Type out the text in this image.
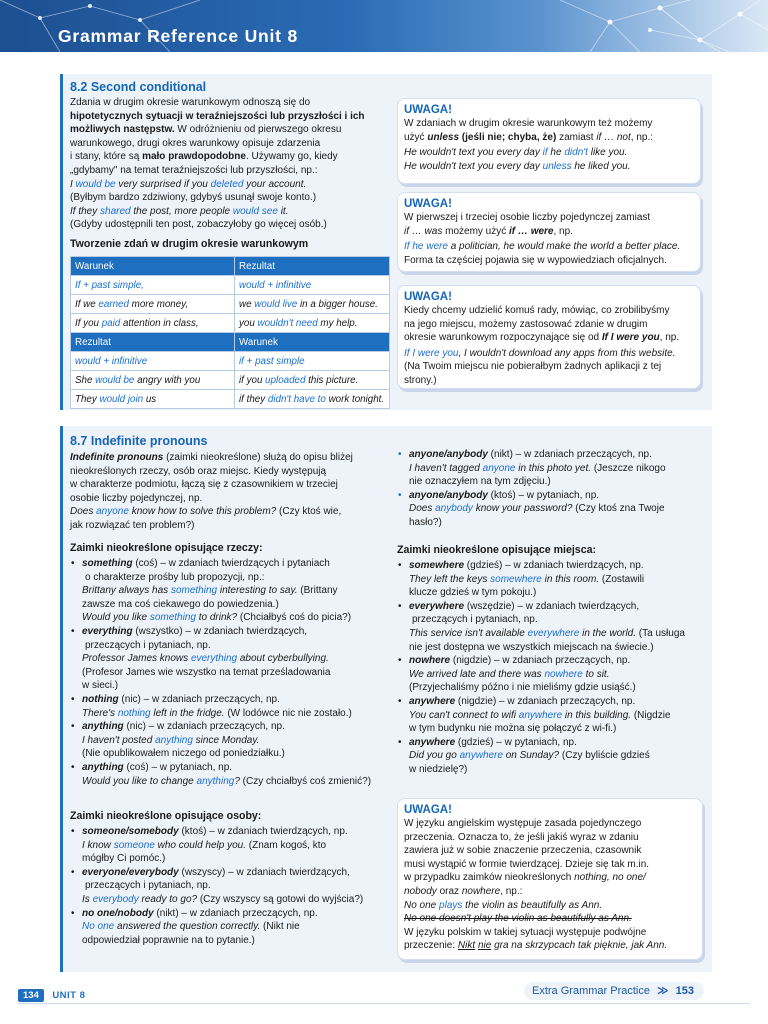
Grammar Reference Unit 8
8.2 Second conditional
Zdania w drugim okresie warunkowym odnoszą się do
hipotetycznych sytuacji w teraźniejszości lub przyszłości i ich
możliwych następstw. W odróżnieniu od pierwszego okresu
warunkowego, drugi okres warunkowy opisuje zdarzenia
i stany, które są mało prawdopodobne. Używamy go, kiedy
„gdybamy" na temat teraźniejszości lub przyszłości, np.:
I would be very surprised if you deleted your account.
(Byłbym bardzo zdziwiony, gdybyś usunął swoje konto.)
If they shared the post, more people would see it.
(Gdyby udostępnili ten post, zobaczyłoby go więcej osób.)
Tworzenie zdań w drugim okresie warunkowym
Warunek	Rezultat
If + past simple,	would + infinitive
If we earned more money,	we would live in a bigger house.
If you paid attention in class,	you wouldn't need my help.
Rezultat	Warunek
would + infinitive	if + past simple
She would be angry with you	if you uploaded this picture.
They would join us	if they didn't have to work tonight.
UWAGA!
W zdaniach w drugim okresie warunkowym też możemy
użyć unless (jeśli nie; chyba, że) zamiast if … not, np.:
He wouldn't text you every day if he didn't like you.
He wouldn't text you every day unless he liked you.
UWAGA!
W pierwszej i trzeciej osobie liczby pojedynczej zamiast
if … was możemy użyć if … were, np.
If he were a politician, he would make the world a better place.
Forma ta częściej pojawia się w wypowiedziach oficjalnych.
UWAGA!
Kiedy chcemy udzielić komuś rady, mówiąc, co zrobilibyśmy
na jego miejscu, możemy zastosować zdanie w drugim
okresie warunkowym rozpoczynające się od If I were you, np.
If I were you, I wouldn't download any apps from this website.
(Na Twoim miejscu nie pobierałbym żadnych aplikacji z tej
strony.)
8.7 Indefinite pronouns
Indefinite pronouns (zaimki nieokreślone) służą do opisu bliżej
nieokreślonych rzeczy, osób oraz miejsc. Kiedy występują
w charakterze podmiotu, łączą się z czasownikiem w trzeciej
osobie liczby pojedynczej, np.
Does anyone know how to solve this problem? (Czy ktoś wie,
jak rozwiązać ten problem?)
Zaimki nieokreślone opisujące rzeczy:
• something (coś) – w zdaniach twierdzących i pytaniach
o charakterze prośby lub propozycji, np.:
Brittany always has something interesting to say. (Brittany
zawsze ma coś ciekawego do powiedzenia.)
Would you like something to drink? (Chciałbyś coś do picia?)
• everything (wszystko) – w zdaniach twierdzących,
przeczących i pytaniach, np.
Professor James knows everything about cyberbullying.
(Profesor James wie wszystko na temat prześladowania
w sieci.)
• nothing (nic) – w zdaniach przeczących, np.
There's nothing left in the fridge. (W lodówce nic nie zostało.)
• anything (nic) – w zdaniach przeczących, np.
I haven't posted anything since Monday.
(Nie opublikowałem niczego od poniedziałku.)
• anything (coś) – w pytaniach, np.
Would you like to change anything? (Czy chciałbyś coś zmienić?)
Zaimki nieokreślone opisujące osoby:
• someone/somebody (ktoś) – w zdaniach twierdzących, np.
I know someone who could help you. (Znam kogoś, kto
mógłby Ci pomóc.)
• everyone/everybody (wszyscy) – w zdaniach twierdzących,
przeczących i pytaniach, np.
Is everybody ready to go? (Czy wszyscy są gotowi do wyjścia?)
• no one/nobody (nikt) – w zdaniach przeczących, np.
No one answered the question correctly. (Nikt nie
odpowiedział poprawnie na to pytanie.)
• anyone/anybody (nikt) – w zdaniach przeczących, np.
I haven't tagged anyone in this photo yet. (Jeszcze nikogo
nie oznaczyłem na tym zdjęciu.)
• anyone/anybody (ktoś) – w pytaniach, np.
Does anybody know your password? (Czy ktoś zna Twoje
hasło?)
Zaimki nieokreślone opisujące miejsca:
• somewhere (gdzieś) – w zdaniach twierdzących, np.
They left the keys somewhere in this room. (Zostawili
klucze gdzieś w tym pokoju.)
• everywhere (wszędzie) – w zdaniach twierdzących,
przeczących i pytaniach, np.
This service isn't available everywhere in the world. (Ta usługa
nie jest dostępna we wszystkich miejscach na świecie.)
• nowhere (nigdzie) – w zdaniach przeczących, np.
We arrived late and there was nowhere to sit.
(Przyjechaliśmy późno i nie mieliśmy gdzie usiąść.)
• anywhere (nigdzie) – w zdaniach przeczących, np.
You can't connect to wifi anywhere in this building. (Nigdzie
w tym budynku nie można się połączyć z wi-fi.)
• anywhere (gdzieś) – w pytaniach, np.
Did you go anywhere on Sunday? (Czy byliście gdzieś
w niedzielę?)
UWAGA!
W języku angielskim występuje zasada pojedynczego
przeczenia. Oznacza to, że jeśli jakiś wyraz w zdaniu
zawiera już w sobie znaczenie przeczenia, czasownik
musi wystąpić w formie twierdzącej. Dzieje się tak m.in.
w przypadku zaimków nieokreślonych nothing, no one/
nobody oraz nowhere, np.:
No one plays the violin as beautifully as Ann.
No one doesn't play the violin as beautifully as Ann.
W języku polskim w takiej sytuacji występuje podwójne
przeczenie: Nikt nie gra na skrzypcach tak pięknie, jak Ann.
134 UNIT 8	Extra Grammar Practice ≫ 153
